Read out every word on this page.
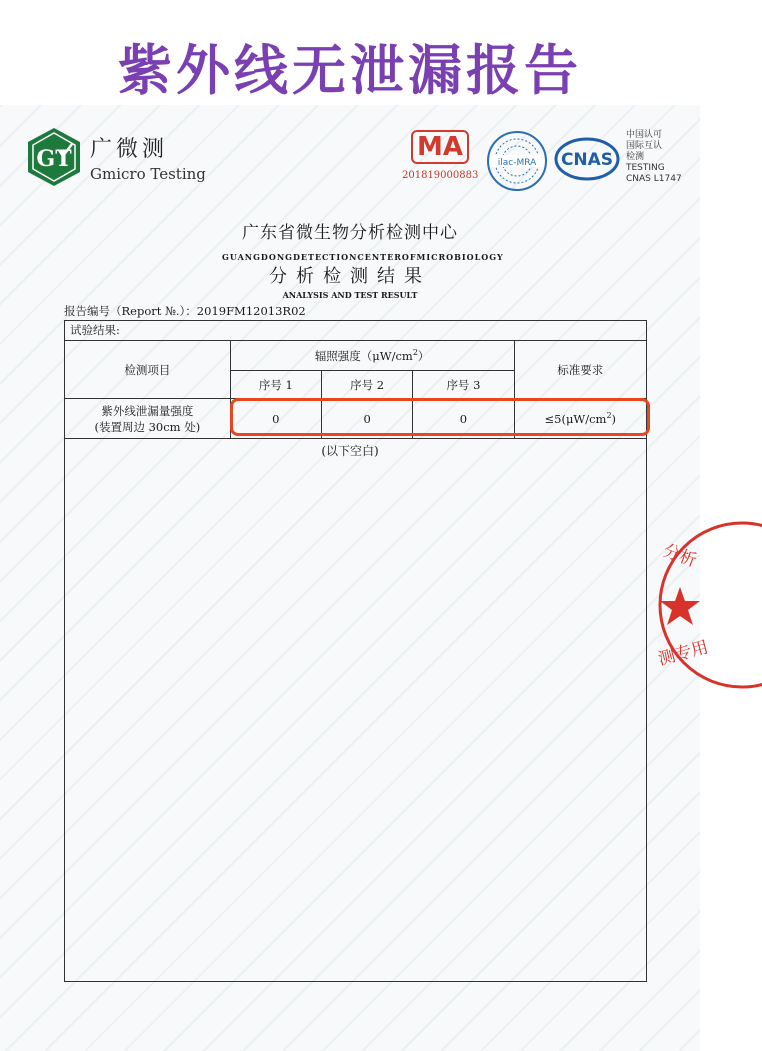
紫外线无泄漏报告
GT 广微测
Gmicro Testing
MA
201819000883
ilac-MRA CNAS
中国认可
国际互认
检测
TESTING
CNAS L1747
广东省微生物分析检测中心
GUANGDONG DETECTION CENTER OF MICROBIOLOGY
分析检测结果
ANALYSIS AND TEST RESULT
报告编号（Report №.）：2019FM12013R02
试验结果:
检测项目	辐照强度$(\mu W/cm^2)$			标准要求
	序号 1	序号 2	序号 3	

紫外线泄漏量强度
(装置周边 30cm 处)	0	0	0	$\le 5(\mu W/cm^2)$
(以下空白)
分析
测专用
